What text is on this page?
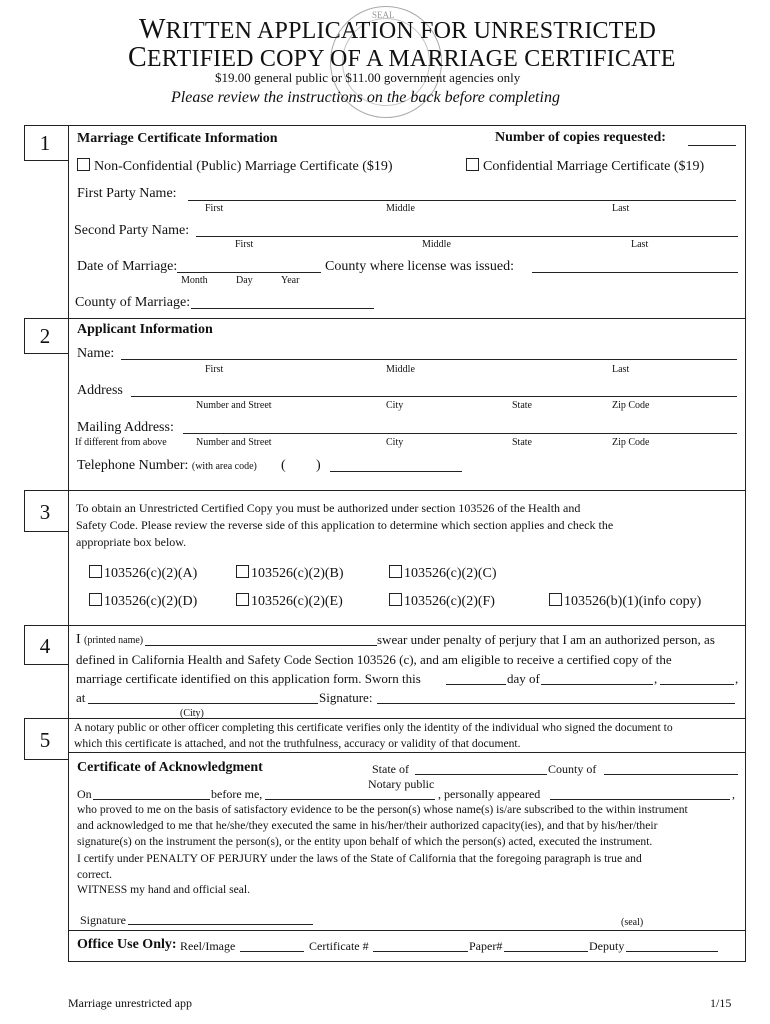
SEAL
WRITTEN APPLICATION FOR UNRESTRICTED
CERTIFIED COPY OF A MARRIAGE CERTIFICATE
$19.00 general public or $11.00 government agencies only
Please review the instructions on the back before completing
1
2
3
4
5
Marriage Certificate Information	Number of copies requested:
Non-Confidential (Public) Marriage Certificate ($19)	Confidential Marriage Certificate ($19)
First Party Name:
First	Middle	Last
Second Party Name:
First	Middle	Last
Date of Marriage:
Month	Day	Year
County where license was issued:
County of Marriage:
Applicant Information
Name:
First	Middle	Last
Address
Number and Street	City	State	Zip Code
Mailing Address:
If different from above	Number and Street	City	State	Zip Code
Telephone Number: (with area code) ( )
To obtain an Unrestricted Certified Copy you must be authorized under section 103526 of the Health and
Safety Code. Please review the reverse side of this application to determine which section applies and check the
appropriate box below.
103526(c)(2)(A)	103526(c)(2)(B)	103526(c)(2)(C)
103526(c)(2)(D)	103526(c)(2)(E)	103526(c)(2)(F)	103526(b)(1)(info copy)
I (printed name)	swear under penalty of perjury that I am an authorized person, as
defined in California Health and Safety Code Section 103526 (c), and am eligible to receive a certified copy of the
marriage certificate identified on this application form. Sworn this	day of	,	,
at	Signature:
(City)
A notary public or other officer completing this certificate verifies only the identity of the individual who signed the document to
which this certificate is attached, and not the truthfulness, accuracy or validity of that document.
Certificate of Acknowledgment	State of	County of
Notary public
On	before me,	, personally appeared	,
who proved to me on the basis of satisfactory evidence to be the person(s) whose name(s) is/are subscribed to the within instrument
and acknowledged to me that he/she/they executed the same in his/her/their authorized capacity(ies), and that by his/her/their
signature(s) on the instrument the person(s), or the entity upon behalf of which the person(s) acted, executed the instrument.
I certify under PENALTY OF PERJURY under the laws of the State of California that the foregoing paragraph is true and
correct.
WITNESS my hand and official seal.
Signature	(seal)
Office Use Only: Reel/Image	Certificate #	Paper#	Deputy
Marriage unrestricted app	1/15
